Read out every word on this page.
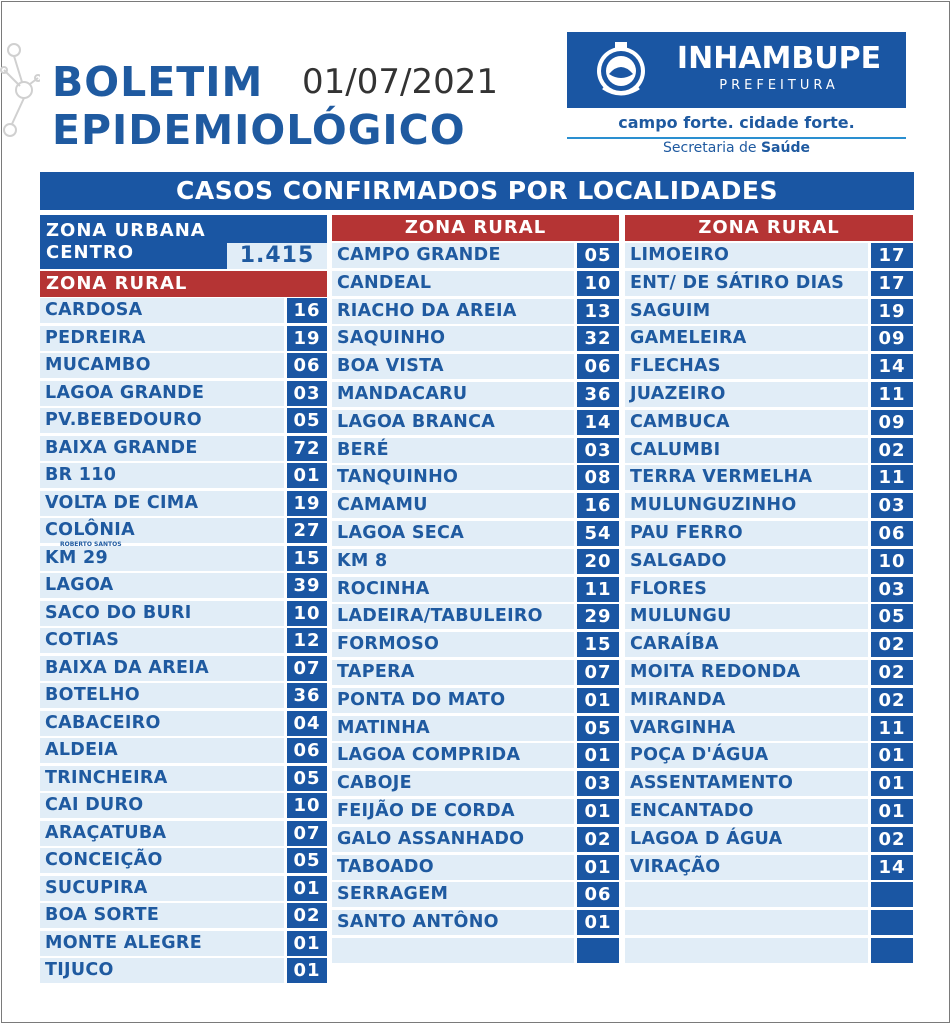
BOLETIM	01/07/2021
EPIDEMIOLÓGICO
INHAMBUPE
PREFEITURA
campo forte. cidade forte.
Secretaria de Saúde
CASOS CONFIRMADOS POR LOCALIDADES
ZONA URBANA
CENTRO	1.415
ZONA RURAL
CARDOSA	16
PEDREIRA	19
MUCAMBO	06
LAGOA GRANDE	03
PV.BEBEDOURO	05
BAIXA GRANDE	72
BR 110	01
VOLTA DE CIMA	19
COLÔNIA	27
KM 29	15
LAGOA	39
SACO DO BURI	10
COTIAS	12
BAIXA DA AREIA	07
BOTELHO	36
CABACEIRO	04
ALDEIA	06
TRINCHEIRA	05
CAI DURO	10
ARAÇATUBA	07
CONCEIÇÃO	05
SUCUPIRA	01
BOA SORTE	02
MONTE ALEGRE	01
TIJUCO	01
ROBERTO SANTOS
ZONA RURAL
CAMPO GRANDE	05
CANDEAL	10
RIACHO DA AREIA	13
SAQUINHO	32
BOA VISTA	06
MANDACARU	36
LAGOA BRANCA	14
BERÉ	03
TANQUINHO	08
CAMAMU	16
LAGOA SECA	54
KM 8	20
ROCINHA	11
LADEIRA/TABULEIRO	29
FORMOSO	15
TAPERA	07
PONTA DO MATO	01
MATINHA	05
LAGOA COMPRIDA	01
CABOJE	03
FEIJÃO DE CORDA	01
GALO ASSANHADO	02
TABOADO	01
SERRAGEM	06
SANTO ANTÔNO	01
ZONA RURAL
LIMOEIRO	17
ENT/ DE SÁTIRO DIAS	17
SAGUIM	19
GAMELEIRA	09
FLECHAS	14
JUAZEIRO	11
CAMBUCA	09
CALUMBI	02
TERRA VERMELHA	11
MULUNGUZINHO	03
PAU FERRO	06
SALGADO	10
FLORES	03
MULUNGU	05
CARAÍBA	02
MOITA REDONDA	02
MIRANDA	02
VARGINHA	11
POÇA D'ÁGUA	01
ASSENTAMENTO	01
ENCANTADO	01
LAGOA D ÁGUA	02
VIRAÇÃO	14
